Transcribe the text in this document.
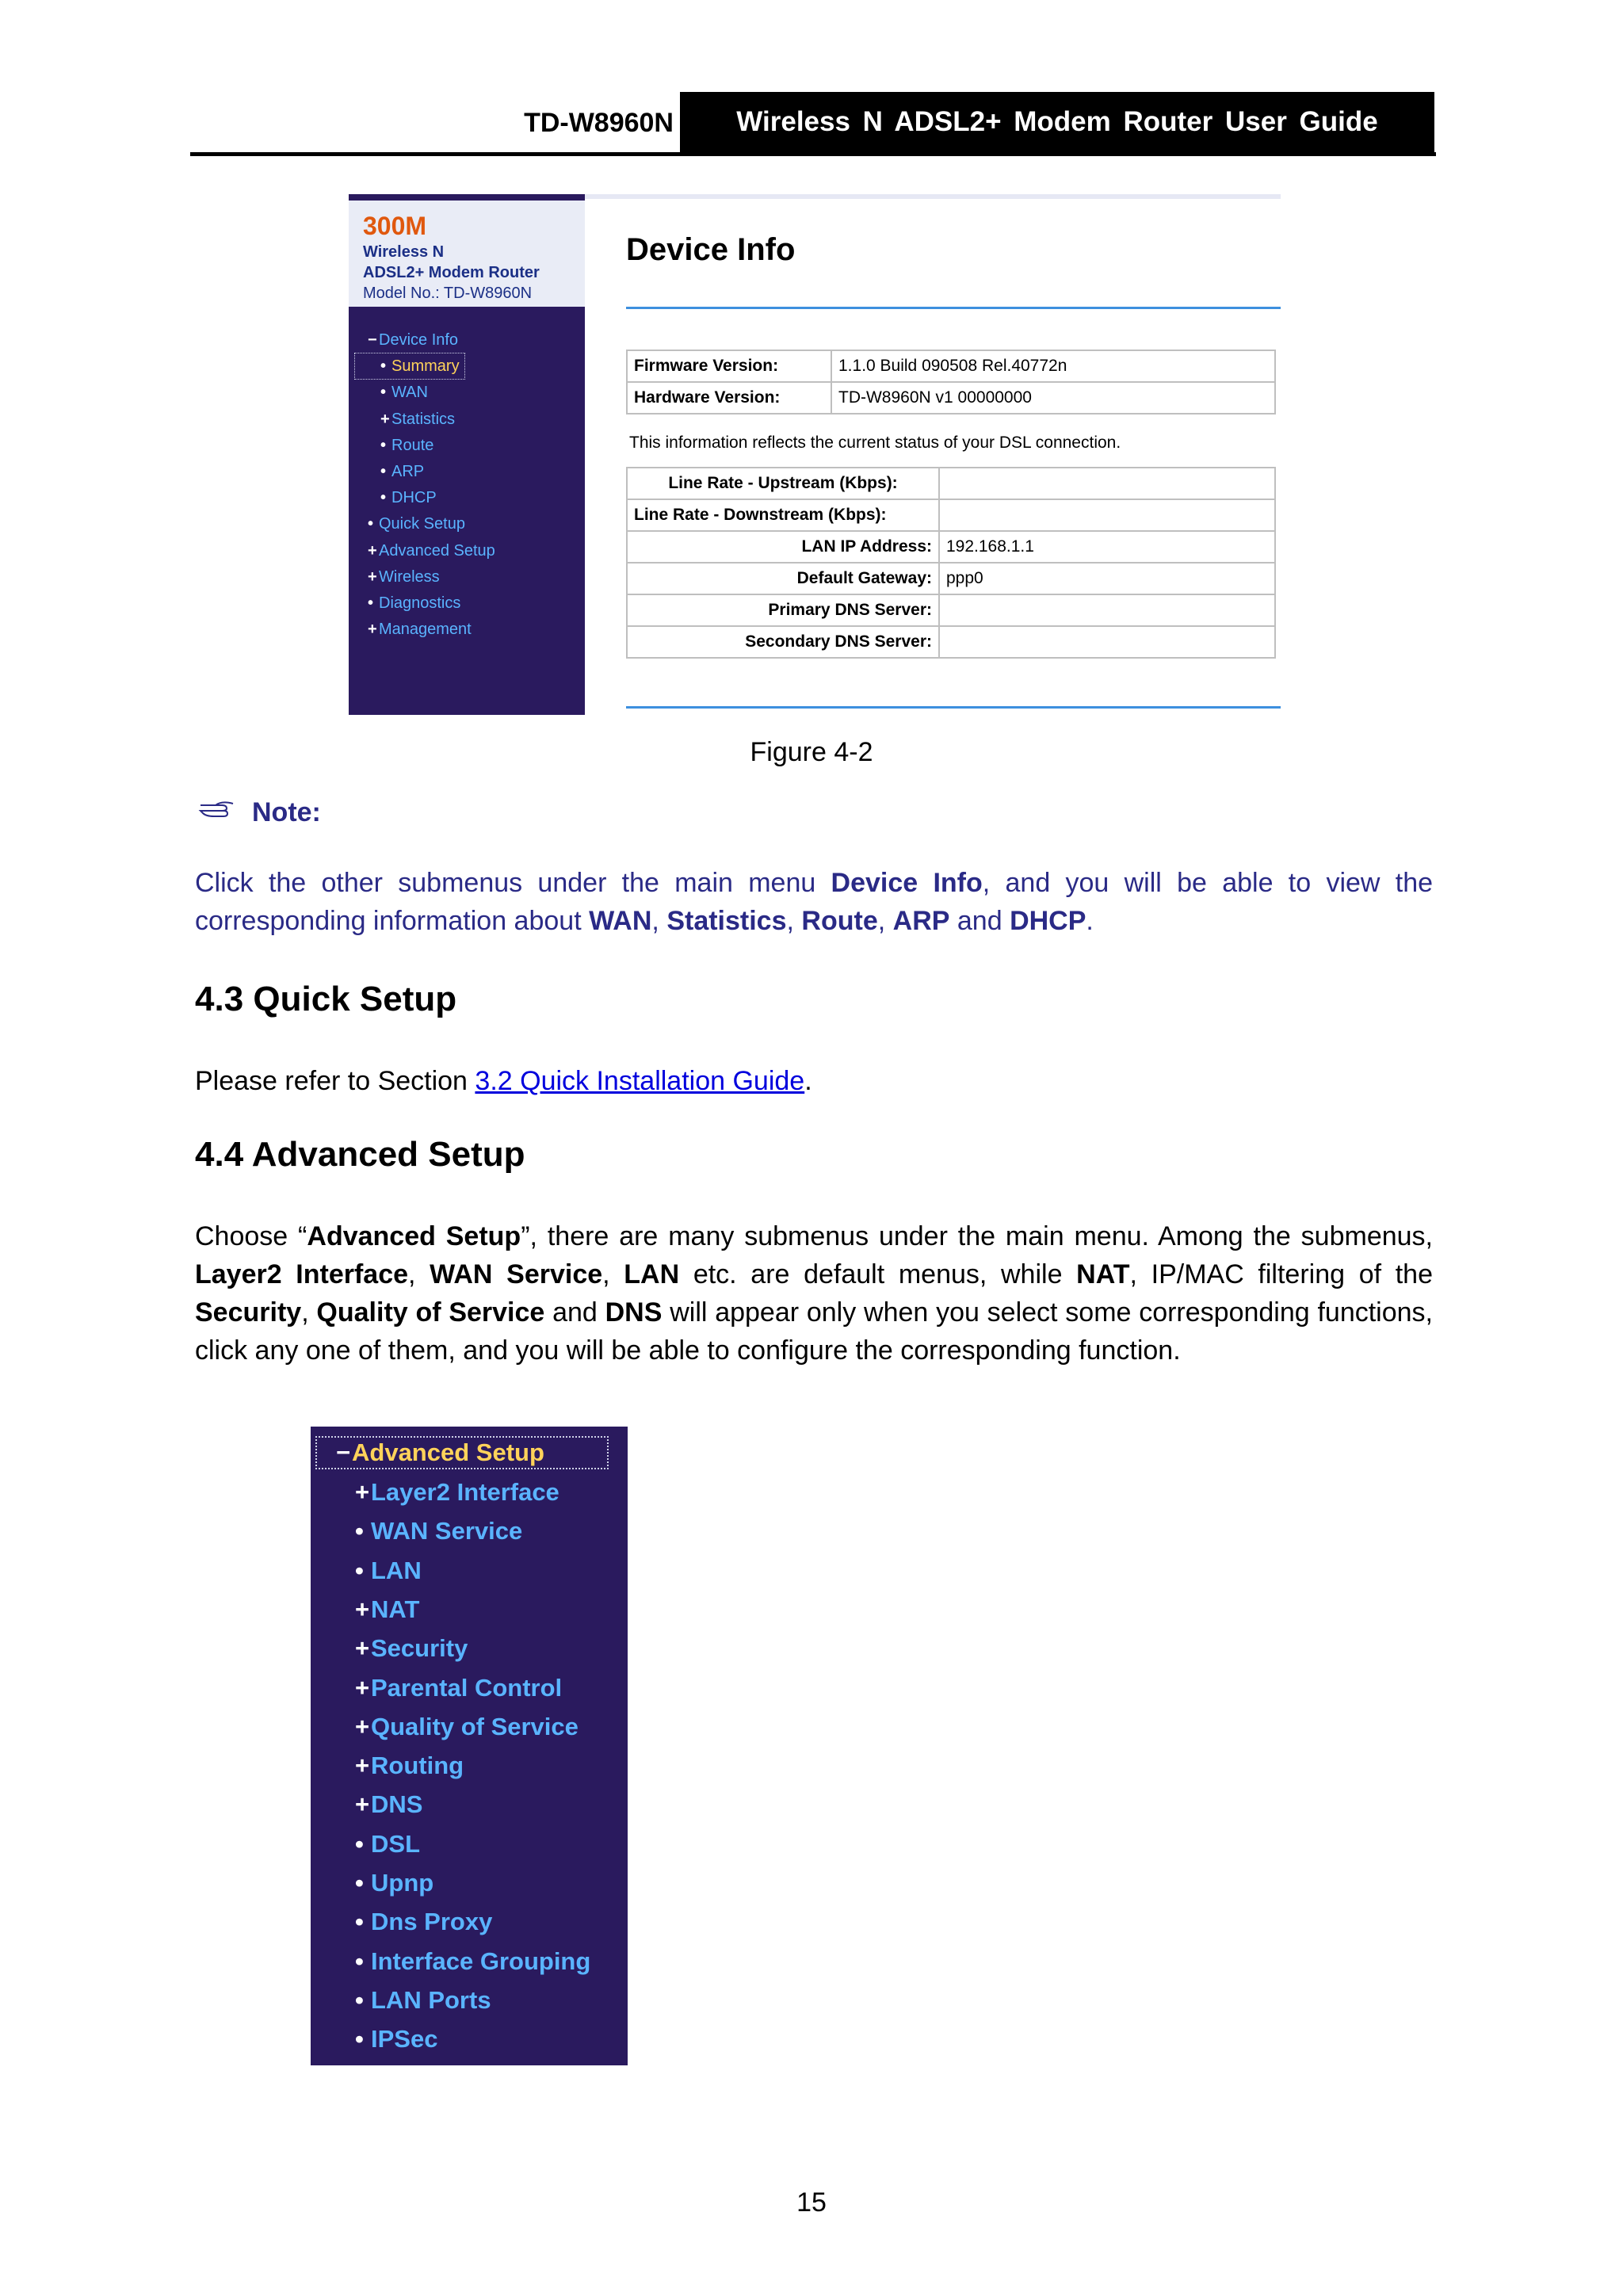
TD-W8960N	Wireless N ADSL2+ Modem Router User Guide
300M
Wireless N
ADSL2+ Modem Router
Model No.: TD-W8960N
− Device Info
• Summary
• WAN
+ Statistics
• Route
• ARP
• DHCP
• Quick Setup
+ Advanced Setup
+ Wireless
• Diagnostics
+ Management
Device Info
Firmware Version:	1.1.0 Build 090508 Rel.40772n
Hardware Version:	TD-W8960N v1 00000000
This information reflects the current status of your DSL connection.
Line Rate - Upstream (Kbps):	
Line Rate - Downstream (Kbps):	
LAN IP Address:	192.168.1.1
Default Gateway:	ppp0
Primary DNS Server:	
Secondary DNS Server:	
Figure 4-2
Note:
Click the other submenus under the main menu Device Info, and you will be able to view the corresponding information about WAN, Statistics, Route, ARP and DHCP.
4.3 Quick Setup
Please refer to Section 3.2 Quick Installation Guide.
4.4 Advanced Setup
Choose “Advanced Setup”, there are many submenus under the main menu. Among the submenus, Layer2 Interface, WAN Service, LAN etc. are default menus, while NAT, IP/MAC filtering of the Security, Quality of Service and DNS will appear only when you select some corresponding functions, click any one of them, and you will be able to configure the corresponding function.
−Advanced Setup
+Layer2 Interface
• WAN Service
• LAN
+NAT
+Security
+Parental Control
+Quality of Service
+Routing
+DNS
• DSL
• Upnp
• Dns Proxy
• Interface Grouping
• LAN Ports
• IPSec
15
